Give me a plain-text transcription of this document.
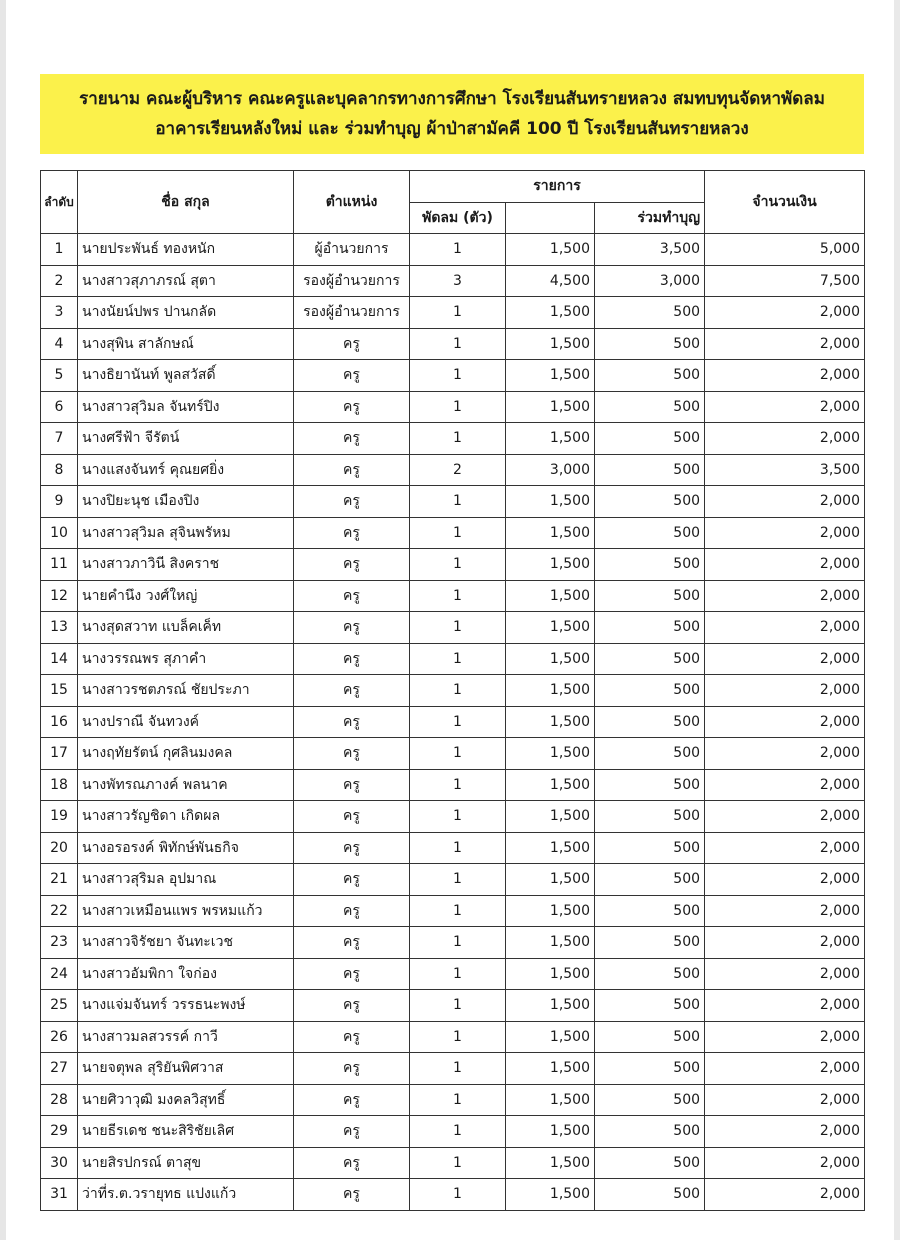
รายนาม คณะผู้บริหาร คณะครูและบุคลากรทางการศึกษา โรงเรียนสันทรายหลวง สมทบทุนจัดหาพัดลม
อาคารเรียนหลังใหม่ และ ร่วมทำบุญ ผ้าป่าสามัคคี 100 ปี โรงเรียนสันทรายหลวง
ลำดับ	ชื่อ สกุล	ตำแหน่ง	รายการ			จำนวนเงิน
			พัดลม (ตัว)		ร่วมทำบุญ	
1	นายประพันธ์ ทองหนัก	ผู้อำนวยการ	1	1,500	3,500	5,000
2	นางสาวสุภาภรณ์ สุตา	รองผู้อำนวยการ	3	4,500	3,000	7,500
3	นางนัยน์ปพร ปานกลัด	รองผู้อำนวยการ	1	1,500	500	2,000
4	นางสุพิน สาลักษณ์	ครู	1	1,500	500	2,000
5	นางธิยานันท์ พูลสวัสดิ์	ครู	1	1,500	500	2,000
6	นางสาวสุวิมล จันทร์ปิง	ครู	1	1,500	500	2,000
7	นางศรีฟ้า จีรัตน์	ครู	1	1,500	500	2,000
8	นางแสงจันทร์ คุณยศยิ่ง	ครู	2	3,000	500	3,500
9	นางปิยะนุช เมืองปิง	ครู	1	1,500	500	2,000
10	นางสาวสุวิมล สุจินพรัหม	ครู	1	1,500	500	2,000
11	นางสาวภาวินี สิงคราช	ครู	1	1,500	500	2,000
12	นายคำนึง วงศ์ใหญ่	ครู	1	1,500	500	2,000
13	นางสุดสวาท แบล็คเค็ท	ครู	1	1,500	500	2,000
14	นางวรรณพร สุภาคำ	ครู	1	1,500	500	2,000
15	นางสาวรชตภรณ์ ชัยประภา	ครู	1	1,500	500	2,000
16	นางปราณี จันทวงค์	ครู	1	1,500	500	2,000
17	นางฤทัยรัตน์ กุศลินมงคล	ครู	1	1,500	500	2,000
18	นางพัทรณภางค์ พลนาค	ครู	1	1,500	500	2,000
19	นางสาวรัญชิดา เกิดผล	ครู	1	1,500	500	2,000
20	นางอรอรงค์ พิทักษ์พันธกิจ	ครู	1	1,500	500	2,000
21	นางสาวสุริมล อุปมาณ	ครู	1	1,500	500	2,000
22	นางสาวเหมือนแพร พรหมแก้ว	ครู	1	1,500	500	2,000
23	นางสาวจิรัชยา จันทะเวช	ครู	1	1,500	500	2,000
24	นางสาวอัมพิกา ใจก่อง	ครู	1	1,500	500	2,000
25	นางแจ่มจันทร์ วรรธนะพงษ์	ครู	1	1,500	500	2,000
26	นางสาวมลสวรรค์ กาวี	ครู	1	1,500	500	2,000
27	นายจตุพล สุริยันพิศวาส	ครู	1	1,500	500	2,000
28	นายศิวาวุฒิ มงคลวิสุทธิ์	ครู	1	1,500	500	2,000
29	นายธีรเดช ชนะสิริชัยเลิศ	ครู	1	1,500	500	2,000
30	นายสิรปกรณ์ ตาสุข	ครู	1	1,500	500	2,000
31	ว่าที่ร.ต.วรายุทธ แปงแก้ว	ครู	1	1,500	500	2,000
